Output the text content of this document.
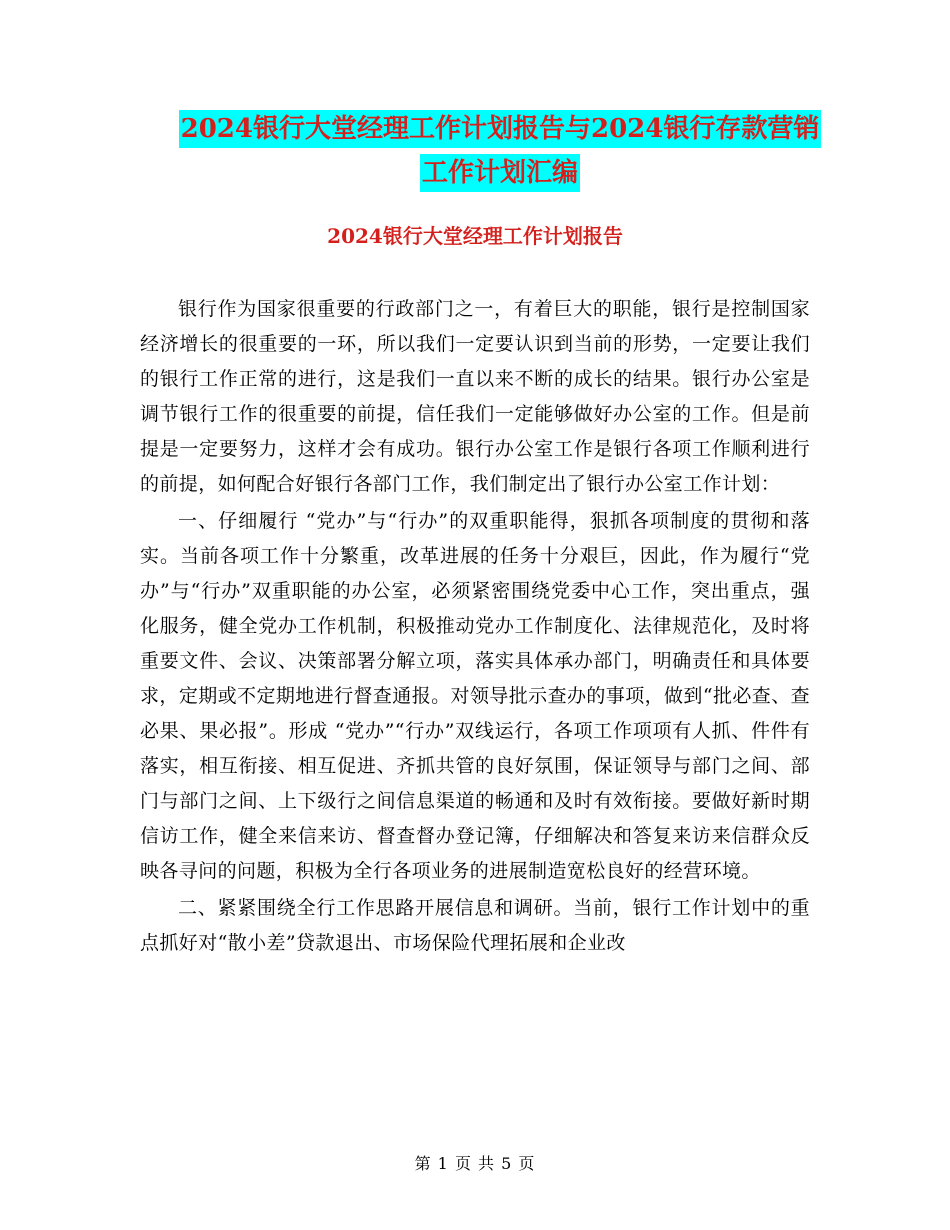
2024银行大堂经理工作计划报告与2024银行存款营销
工作计划汇编
2024银行大堂经理工作计划报告

银行作为国家很重要的行政部门之一，有着巨大的职能，银行是控制国家经济增长的很重要的一环，所以我们一定要认识到当前的形势，一定要让我们的银行工作正常的进行，这是我们一直以来不断的成长的结果。银行办公室是调节银行工作的很重要的前提，信任我们一定能够做好办公室的工作。但是前提是一定要努力，这样才会有成功。银行办公室工作是银行各项工作顺利进行的前提，如何配合好银行各部门工作，我们制定出了银行办公室工作计划：

一、仔细履行 “党办”与“行办”的双重职能得，狠抓各项制度的贯彻和落实。当前各项工作十分繁重，改革进展的任务十分艰巨，因此，作为履行“党办”与“行办”双重职能的办公室，必须紧密围绕党委中心工作，突出重点，强化服务，健全党办工作机制，积极推动党办工作制度化、法律规范化，及时将重要文件、会议、决策部署分解立项，落实具体承办部门，明确责任和具体要求，定期或不定期地进行督查通报。对领导批示查办的事项，做到“批必查、查必果、果必报”。形成 “党办”“行办”双线运行，各项工作项项有人抓、件件有落实，相互衔接、相互促进、齐抓共管的良好氛围，保证领导与部门之间、部门与部门之间、上下级行之间信息渠道的畅通和及时有效衔接。要做好新时期信访工作，健全来信来访、督查督办登记簿，仔细解决和答复来访来信群众反映各寻问的问题，积极为全行各项业务的进展制造宽松良好的经营环境。

二、紧紧围绕全行工作思路开展信息和调研。当前，银行工作计划中的重点抓好对“散小差”贷款退出、市场保险代理拓展和企业改

第 1 页 共 5 页
